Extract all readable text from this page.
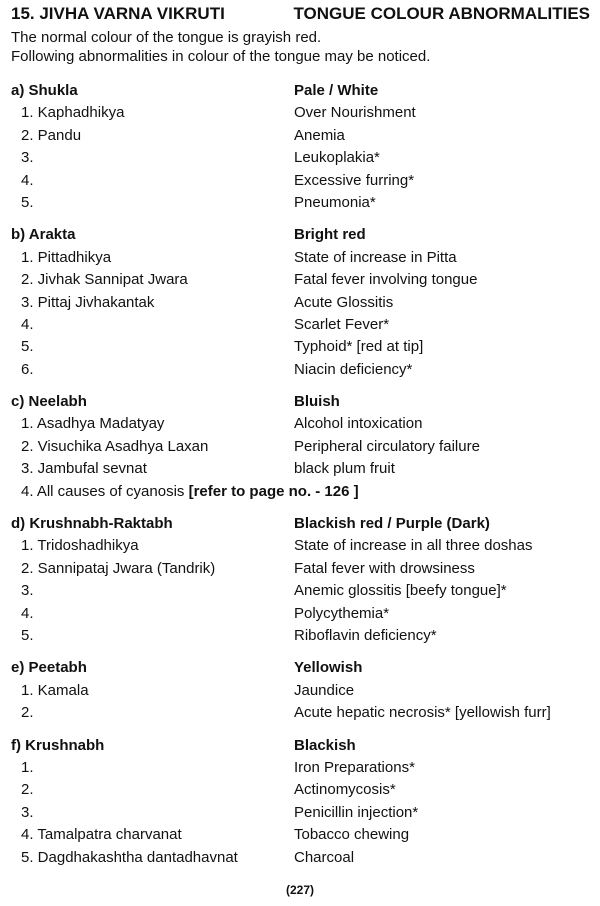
15. JIVHA VARNA VIKRUTI	TONGUE COLOUR ABNORMALITIES
The normal colour of the tongue is grayish red.
Following abnormalities in colour of the tongue may be noticed.
a) Shukla	Pale / White
1. Kaphadhikya	Over Nourishment
2. Pandu	Anemia
3.	Leukoplakia*
4.	Excessive furring*
5.	Pneumonia*
b) Arakta	Bright red
1. Pittadhikya	State of increase in Pitta
2. Jivhak Sannipat Jwara	Fatal fever involving tongue
3. Pittaj Jivhakantak	Acute Glossitis
4.	Scarlet Fever*
5.	Typhoid* [red at tip]
6.	Niacin deficiency*
c) Neelabh	Bluish
1. Asadhya Madatyay	Alcohol intoxication
2. Visuchika Asadhya Laxan	Peripheral circulatory failure
3. Jambufal sevnat	black plum fruit
4. All causes of cyanosis [refer to page no. - 126 ]
d) Krushnabh-Raktabh	Blackish red / Purple (Dark)
1. Tridoshadhikya	State of increase in all three doshas
2. Sannipataj Jwara (Tandrik)	Fatal fever with drowsiness
3.	Anemic glossitis [beefy tongue]*
4.	Polycythemia*
5.	Riboflavin deficiency*
e) Peetabh	Yellowish
1. Kamala	Jaundice
2.	Acute hepatic necrosis* [yellowish furr]
f) Krushnabh	Blackish
1.	Iron Preparations*
2.	Actinomycosis*
3.	Penicillin injection*
4. Tamalpatra charvanat	Tobacco chewing
5. Dagdhakashtha dantadhavnat	Charcoal
(227)
